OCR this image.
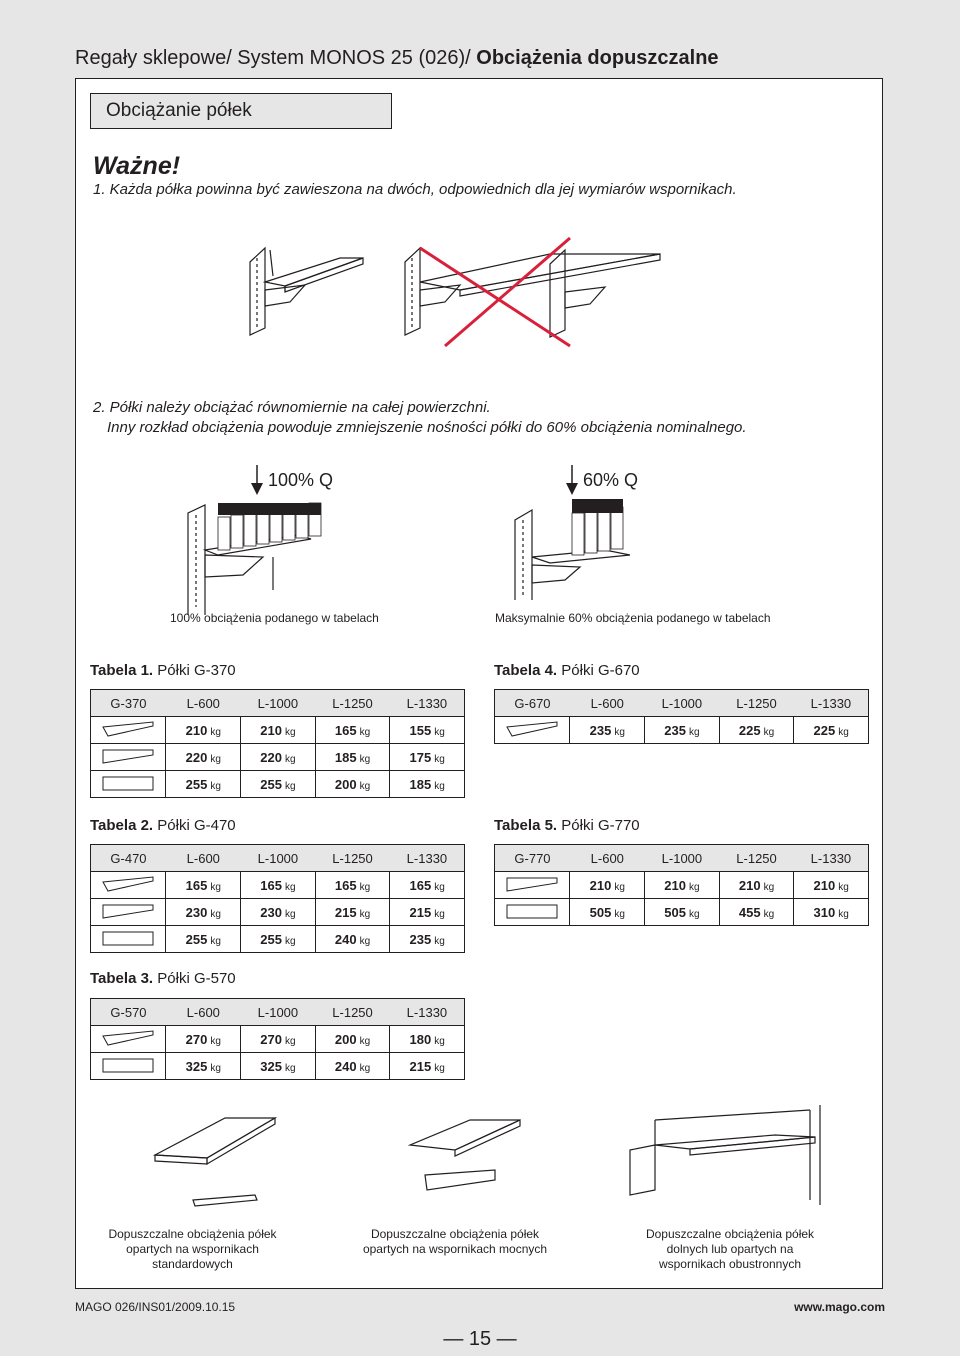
Regały sklepowe/ System MONOS 25 (026)/ Obciążenia dopuszczalne
Obciążanie półek
Ważne!
1. Każda półka powinna być zawieszona na dwóch, odpowiednich dla jej wymiarów wspornikach.
2. Półki należy obciążać równomiernie na całej powierzchni.
Inny rozkład obciążenia powoduje zmniejszenie nośności półki do 60% obciążenia nominalnego.
100% Q	60% Q
100% obciążenia podanego w tabelach	Maksymalnie 60% obciążenia podanego w tabelach
Tabela 1. Półki G-370
G-370	L-600	L-1000	L-1250	L-1330
	210 kg	210 kg	165 kg	155 kg
	220 kg	220 kg	185 kg	175 kg
	255 kg	255 kg	200 kg	185 kg
Tabela 4. Półki G-670
G-670	L-600	L-1000	L-1250	L-1330
	235 kg	235 kg	225 kg	225 kg
Tabela 2. Półki G-470
G-470	L-600	L-1000	L-1250	L-1330
	165 kg	165 kg	165 kg	165 kg
	230 kg	230 kg	215 kg	215 kg
	255 kg	255 kg	240 kg	235 kg
Tabela 5. Półki G-770
G-770	L-600	L-1000	L-1250	L-1330
	210 kg	210 kg	210 kg	210 kg
	505 kg	505 kg	455 kg	310 kg
Tabela 3. Półki G-570
G-570	L-600	L-1000	L-1250	L-1330
	270 kg	270 kg	200 kg	180 kg
	325 kg	325 kg	240 kg	215 kg
Dopuszczalne obciążenia półek
opartych na wspornikach
standardowych
Dopuszczalne obciążenia półek
opartych na wspornikach mocnych
Dopuszczalne obciążenia półek
dolnych lub opartych na
wspornikach obustronnych
MAGO 026/INS01/2009.10.15	www.mago.com
— 15 —
